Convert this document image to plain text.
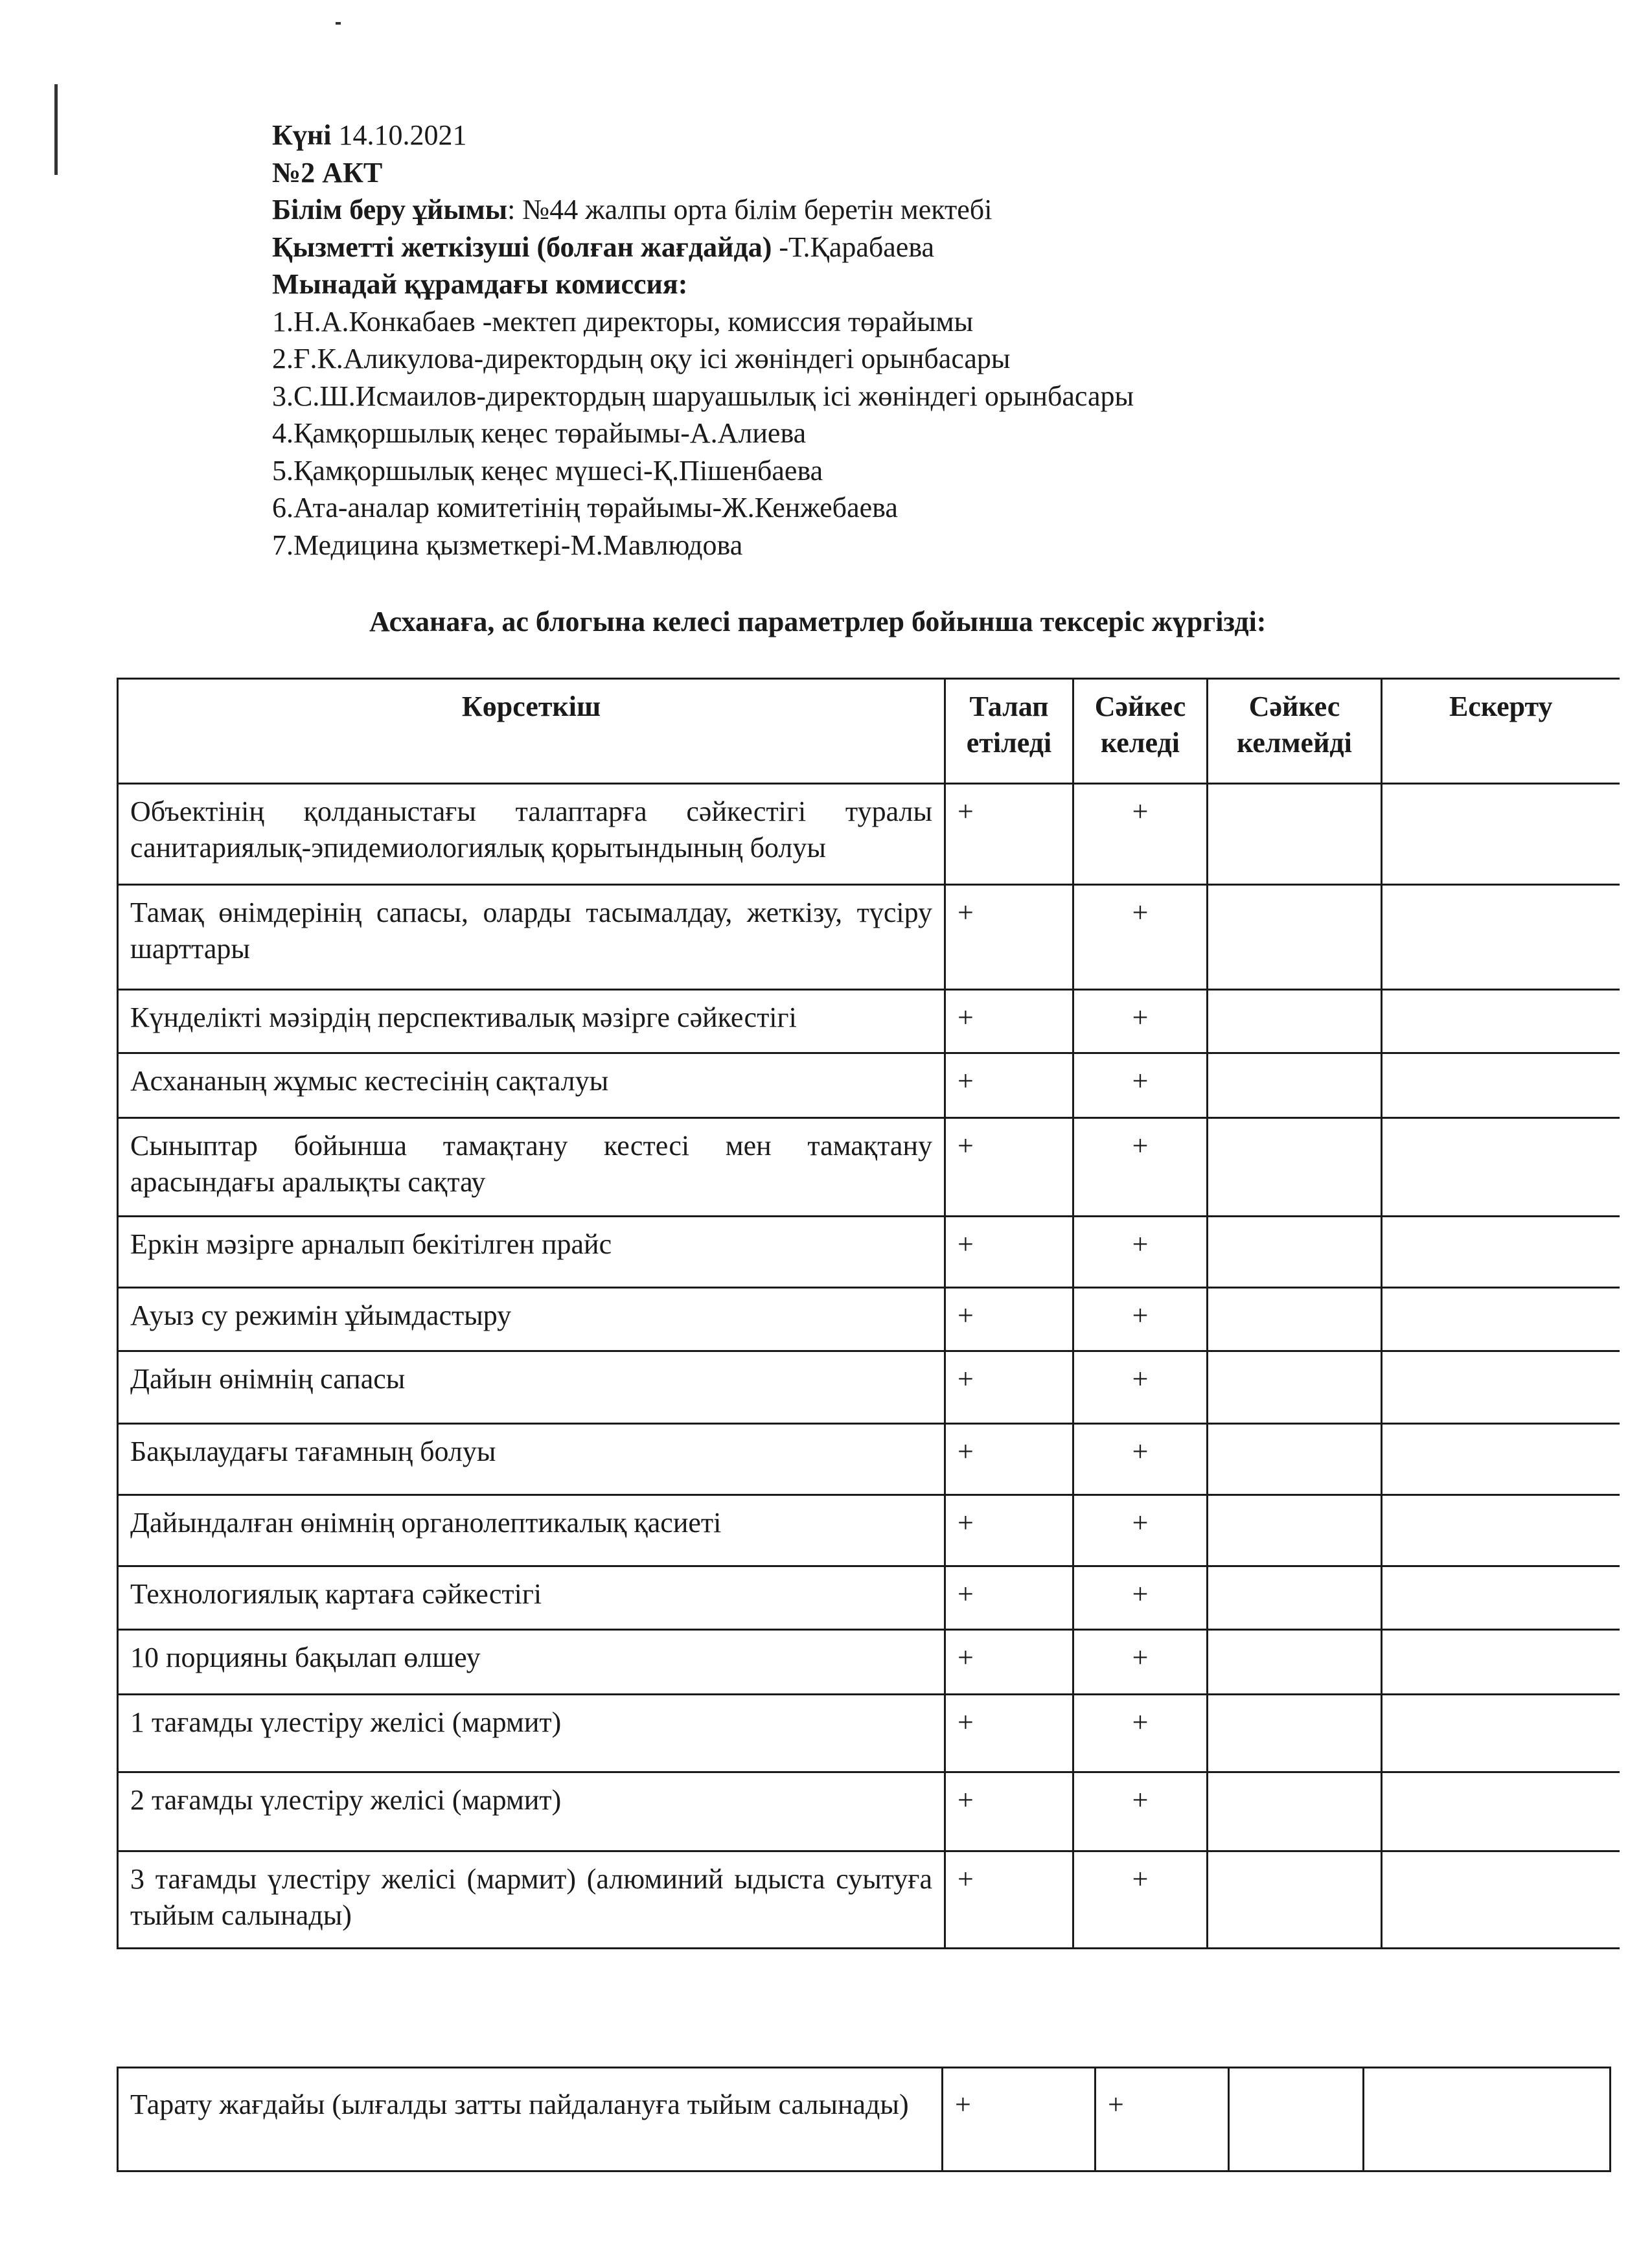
Күні 14.10.2021
№2 АКТ
Білім беру ұйымы: №44 жалпы орта білім беретін мектебі
Қызметті жеткізуші (болған жағдайда) -Т.Қарабаева
Мынадай құрамдағы комиссия:
1.Н.А.Конкабаев -мектеп директоры, комиссия төрайымы
2.Ғ.К.Аликулова-директордың оқу ісі жөніндегі орынбасары
3.С.Ш.Исмаилов-директордың шаруашылық ісі жөніндегі орынбасары
4.Қамқоршылық кеңес төрайымы-А.Алиева
5.Қамқоршылық кеңес мүшесі-Қ.Пішенбаева
6.Ата-аналар комитетінің төрайымы-Ж.Кенжебаева
7.Медицина қызметкері-М.Мавлюдова
Асханаға, ас блогына келесі параметрлер бойынша тексеріс жүргізді:
Көрсеткіш	Талап етіледі	Сәйкес келеді	Сәйкес келмейді	Ескерту
Объектінің қолданыстағы талаптарға сәйкестігі туралы санитариялық-эпидемиологиялық қорытындының болуы	+	+		
Тамақ өнімдерінің сапасы, оларды тасымалдау, жеткізу, түсіру шарттары	+	+		
Күнделікті мәзірдің перспективалық мәзірге сәйкестігі	+	+		
Асхананың жұмыс кестесінің сақталуы	+	+		
Сыныптар бойынша тамақтану кестесі мен тамақтану арасындағы аралықты сақтау	+	+		
Еркін мәзірге арналып бекітілген прайс	+	+		
Ауыз су режимін ұйымдастыру	+	+		
Дайын өнімнің сапасы	+	+		
Бақылаудағы тағамның болуы	+	+		
Дайындалған өнімнің органолептикалық қасиеті	+	+		
Технологиялық картаға сәйкестігі	+	+		
10 порцияны бақылап өлшеу	+	+		
1 тағамды үлестіру желісі (мармит)	+	+		
2 тағамды үлестіру желісі (мармит)	+	+		
3 тағамды үлестіру желісі (мармит) (алюминий ыдыста суытуға тыйым салынады)	+	+		
Тарату жағдайы (ылғалды затты пайдалануға тыйым салынады)	+	+		
